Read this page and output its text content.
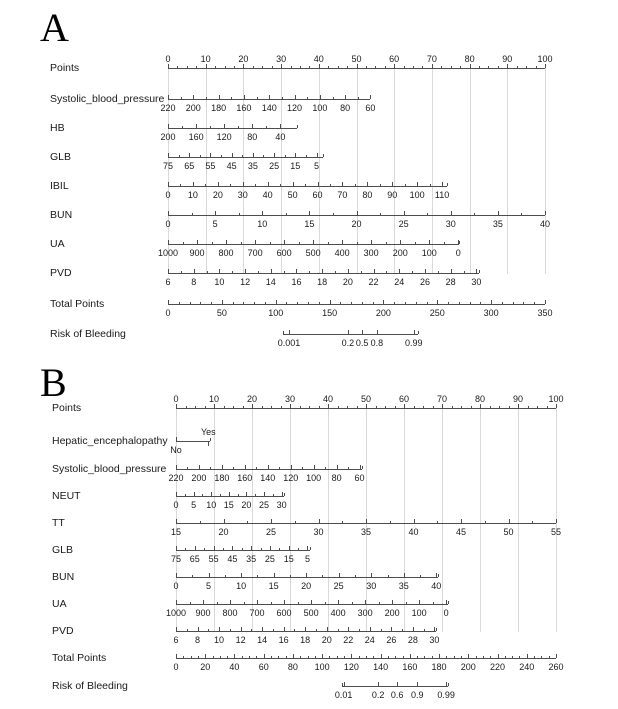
A
Points
0	10	20	30	40	50	60	70	80	90	100
Systolic_blood_pressure
220 200 180 160 140 120 100 80 60
HB
200 160 120 80 40
GLB
75 65 55 45 35 25 15 5
IBIL
0 10 20 30 40 50 60 70 80 90 100 110
BUN
0	5	10	15	20	25	30	35	40
UA
1000 900 800 700 600 500 400 300 200 100 0
PVD
6 8 10 12 14 16 18 20 22 24 26 28 30
Total Points
0	50	100	150	200	250	300	350
Risk of Bleeding
0.001	0.2 0.5 0.8 0.99
B
Points
0	10	20	30	40	50	60	70	80	90	100
Hepatic_encephalopathy
No
Yes
Systolic_blood_pressure
220 200 180 160 140 120 100 80 60
NEUT
0 5 10 15 20 25 30
TT
15	20	25	30	35	40	45	50	55
GLB
75 65 55 45 35 25 15 5
BUN
0	5	10	15	20	25	30	35	40
UA
1000 900 800 700 600 500 400 300 200 100 0
PVD
6 8 10 12 14 16 18 20 22 24 26 28 30
Total Points
0 20 40 60 80 100 120 140 160 180 200 220 240 260
Risk of Bleeding
0.01 0.2 0.6 0.9 0.99
